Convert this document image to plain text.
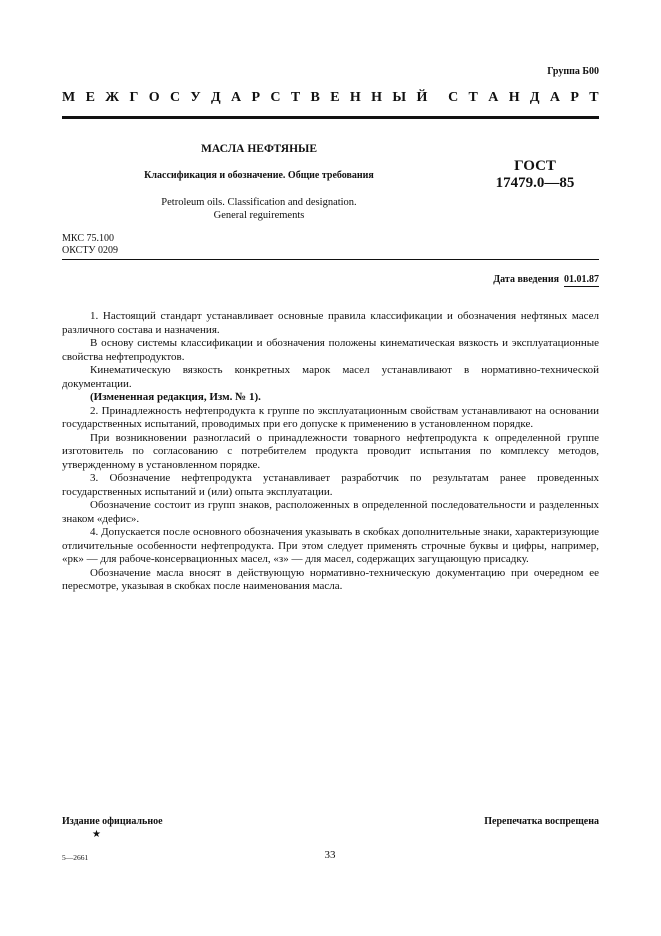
Группа Б00
М Е Ж Г О С У Д А Р С Т В Е Н Н Ы Й С Т А Н Д А Р Т
МАСЛА НЕФТЯНЫЕ
Классификация и обозначение. Общие требования
Petroleum oils. Classification and designation.
General reguirements
ГОСТ
17479.0—85
МКС 75.100
ОКСТУ 0209
Дата введения 01.01.87

1. Настоящий стандарт устанавливает основные правила классификации и обозначения нефтяных масел различного состава и назначения.

В основу системы классификации и обозначения положены кинематическая вязкость и эксплуатационные свойства нефтепродуктов.

Кинематическую вязкость конкретных марок масел устанавливают в нормативно-технической документации.

(Измененная редакция, Изм. № 1).

2. Принадлежность нефтепродукта к группе по эксплуатационным свойствам устанавливают на основании государственных испытаний, проводимых при его допуске к применению в установленном порядке.

При возникновении разногласий о принадлежности товарного нефтепродукта к определенной группе изготовитель по согласованию с потребителем продукта проводит испытания по комплексу методов, утвержденному в установленном порядке.

3. Обозначение нефтепродукта устанавливает разработчик по результатам ранее проведенных государственных испытаний и (или) опыта эксплуатации.

Обозначение состоит из групп знаков, расположенных в определенной последовательности и разделенных знаком «дефис».

4. Допускается после основного обозначения указывать в скобках дополнительные знаки, характеризующие отличительные особенности нефтепродукта. При этом следует применять строчные буквы и цифры, например, «рк» — для рабоче-консервационных масел, «з» — для масел, содержащих загущающую присадку.

Обозначение масла вносят в действующую нормативно-техническую документацию при очередном ее пересмотре, указывая в скобках после наименования масла.

Издание официальное
★
Перепечатка воспрещена
5—2661	33
